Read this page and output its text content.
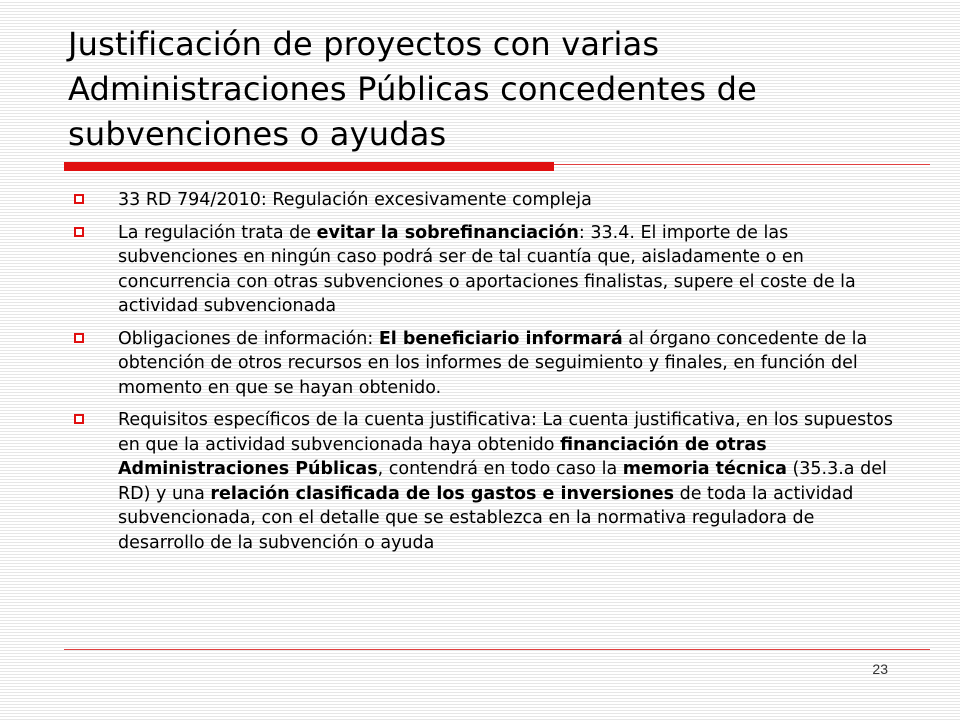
Justificación de proyectos con varias Administraciones Públicas concedentes de subvenciones o ayudas
33 RD 794/2010: Regulación excesivamente compleja
La regulación trata de evitar la sobrefinanciación: 33.4. El importe de las subvenciones en ningún caso podrá ser de tal cuantía que, aisladamente o en concurrencia con otras subvenciones o aportaciones finalistas, supere el coste de la actividad subvencionada
Obligaciones de información: El beneficiario informará al órgano concedente de la obtención de otros recursos en los informes de seguimiento y finales, en función del momento en que se hayan obtenido.
Requisitos específicos de la cuenta justificativa: La cuenta justificativa, en los supuestos en que la actividad subvencionada haya obtenido financiación de otras Administraciones Públicas, contendrá en todo caso la memoria técnica (35.3.a del RD) y una relación clasificada de los gastos e inversiones de toda la actividad subvencionada, con el detalle que se establezca en la normativa reguladora de desarrollo de la subvención o ayuda
23
